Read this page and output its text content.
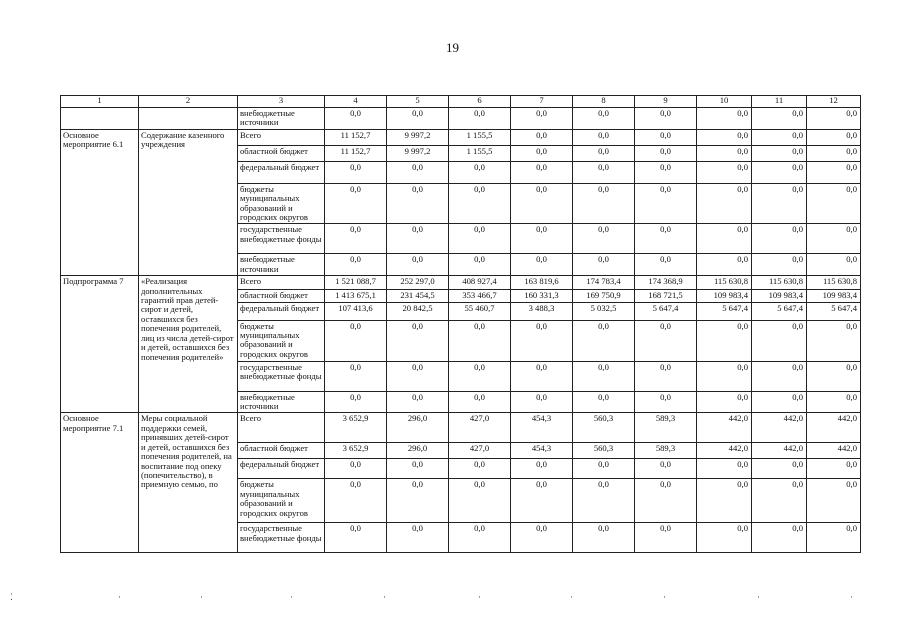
19
1	2	3	4	5	6	7	8	9	10	11	12
		внебюджетные источники	0,0	0,0	0,0	0,0	0,0	0,0	0,0	0,0	0,0
Основное мероприятие 6.1	Содержание казенного учреждения	Всего	11 152,7	9 997,2	1 155,5	0,0	0,0	0,0	0,0	0,0	0,0
		областной бюджет	11 152,7	9 997,2	1 155,5	0,0	0,0	0,0	0,0	0,0	0,0
		федеральный бюджет	0,0	0,0	0,0	0,0	0,0	0,0	0,0	0,0	0,0
		бюджеты муниципальных образований и городских округов	0,0	0,0	0,0	0,0	0,0	0,0	0,0	0,0	0,0
		государственные внебюджетные фонды	0,0	0,0	0,0	0,0	0,0	0,0	0,0	0,0	0,0
		внебюджетные источники	0,0	0,0	0,0	0,0	0,0	0,0	0,0	0,0	0,0
Подпрограмма 7	«Реализация дополнительных гарантий прав детей-сирот и детей, оставшихся без попечения родителей, лиц из числа детей-сирот и детей, оставшихся без попечения родителей»	Всего	1 521 088,7	252 297,0	408 927,4	163 819,6	174 783,4	174 368,9	115 630,8	115 630,8	115 630,8
		областной бюджет	1 413 675,1	231 454,5	353 466,7	160 331,3	169 750,9	168 721,5	109 983,4	109 983,4	109 983,4
		федеральный бюджет	107 413,6	20 842,5	55 460,7	3 488,3	5 032,5	5 647,4	5 647,4	5 647,4	5 647,4
		бюджеты муниципальных образований и городских округов	0,0	0,0	0,0	0,0	0,0	0,0	0,0	0,0	0,0
		государственные внебюджетные фонды	0,0	0,0	0,0	0,0	0,0	0,0	0,0	0,0	0,0
		внебюджетные источники	0,0	0,0	0,0	0,0	0,0	0,0	0,0	0,0	0,0
Основное мероприятие 7.1	Меры социальной поддержки семей, принявших детей-сирот и детей, оставшихся без попечения родителей, на воспитание под опеку (попечительство), в приемную семью, по	Всего	3 652,9	296,0	427,0	454,3	560,3	589,3	442,0	442,0	442,0
		областной бюджет	3 652,9	296,0	427,0	454,3	560,3	589,3	442,0	442,0	442,0
		федеральный бюджет	0,0	0,0	0,0	0,0	0,0	0,0	0,0	0,0	0,0
		бюджеты муниципальных образований и городских округов	0,0	0,0	0,0	0,0	0,0	0,0	0,0	0,0	0,0
		государственные внебюджетные фонды	0,0	0,0	0,0	0,0	0,0	0,0	0,0	0,0	0,0
⁚	·	·	·	·	·	·	·	·	·
